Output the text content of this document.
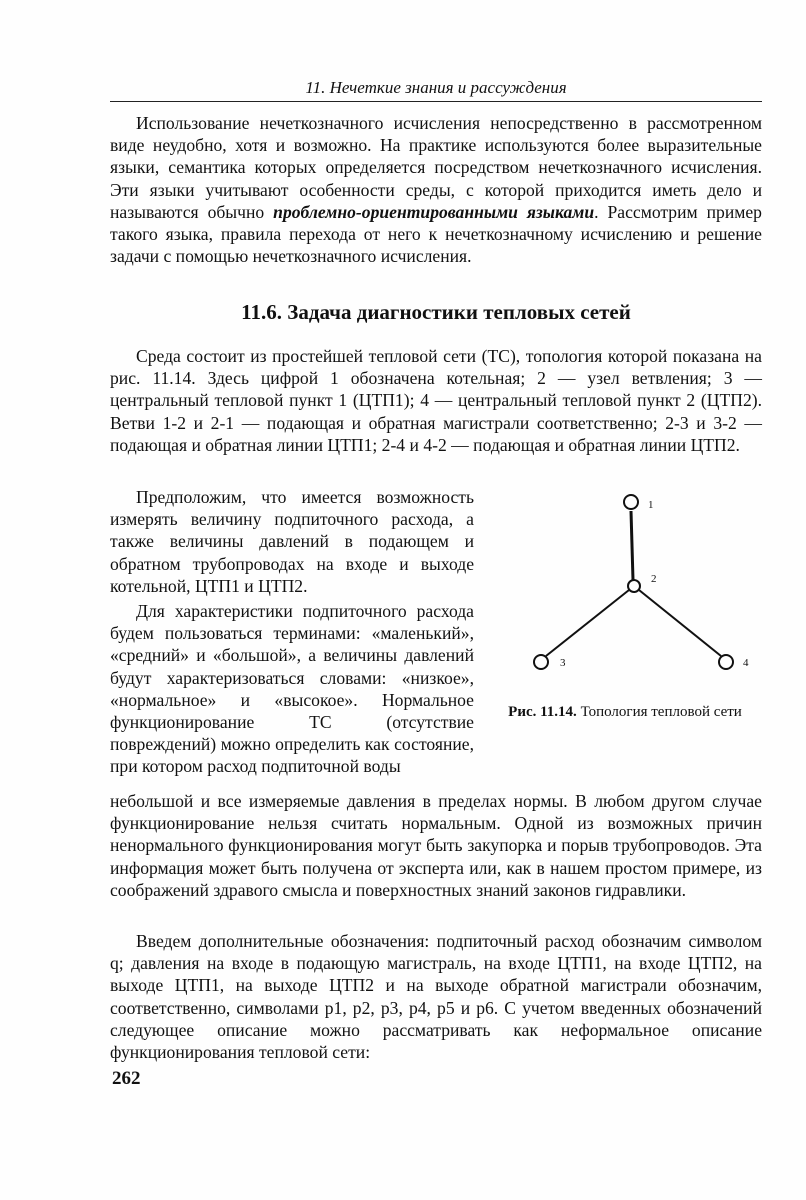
11. Нечеткие знания и рассуждения

Использование нечеткозначного исчисления непосредственно в рассмотренном виде неудобно, хотя и возможно. На практике используются более выразительные языки, семантика которых определяется посредством нечеткозначного исчисления. Эти языки учитывают особенности среды, с которой приходится иметь дело и называются обычно проблемно-ориентированными языками. Рассмотрим пример такого языка, правила перехода от него к нечеткозначному исчислению и решение задачи с помощью нечеткозначного исчисления.

11.6. Задача диагностики тепловых сетей

Среда состоит из простейшей тепловой сети (ТС), топология которой показана на рис. 11.14. Здесь цифрой 1 обозначена котельная; 2 — узел ветвления; 3 — центральный тепловой пункт 1 (ЦТП1); 4 — центральный тепловой пункт 2 (ЦТП2). Ветви 1-2 и 2-1 — подающая и обратная магистрали соответственно; 2-3 и 3-2 — подающая и обратная линии ЦТП1; 2-4 и 4-2 — подающая и обратная линии ЦТП2.

Предположим, что имеется возможность измерять величину подпиточного расхода, а также величины давлений в подающем и обратном трубопроводах на входе и выходе котельной, ЦТП1 и ЦТП2.

Для характеристики подпиточного расхода будем пользоваться терминами: «маленький», «средний» и «большой», а величины давлений будут характеризоваться словами: «низкое», «нормальное» и «высокое». Нормальное функционирование ТС (отсутствие повреждений) можно определить как состояние, при котором расход подпиточной воды

небольшой и все измеряемые давления в пределах нормы. В любом другом случае функционирование нельзя считать нормальным. Одной из возможных причин ненормального функционирования могут быть закупорка и порыв трубопроводов. Эта информация может быть получена от эксперта или, как в нашем простом примере, из соображений здравого смысла и поверхностных знаний законов гидравлики.

Введем дополнительные обозначения: подпиточный расход обозначим символом q; давления на входе в подающую магистраль, на входе ЦТП1, на входе ЦТП2, на выходе ЦТП1, на выходе ЦТП2 и на выходе обратной магистрали обозначим, соответственно, символами p1, p2, p3, p4, p5 и p6. С учетом введенных обозначений следующее описание можно рассматривать как неформальное описание функционирования тепловой сети:

1
2
3	4
Рис. 11.14. Топология тепловой сети
262
